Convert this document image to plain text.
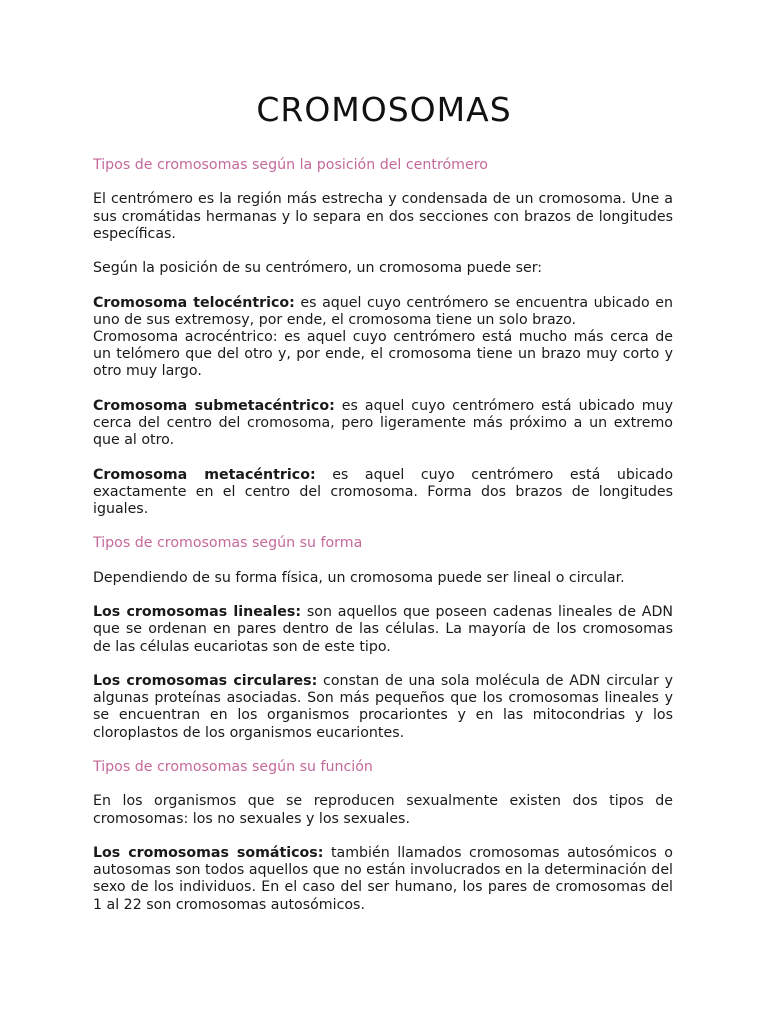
CROMOSOMAS

Tipos de cromosomas según la posición del centrómero

El centrómero es la región más estrecha y condensada de un cromosoma. Une a sus cromátidas hermanas y lo separa en dos secciones con brazos de longitudes específicas.

Según la posición de su centrómero, un cromosoma puede ser:

Cromosoma telocéntrico: es aquel cuyo centrómero se encuentra ubicado en uno de sus extremosy, por ende, el cromosoma tiene un solo brazo.

Cromosoma acrocéntrico: es aquel cuyo centrómero está mucho más cerca de un telómero que del otro y, por ende, el cromosoma tiene un brazo muy corto y otro muy largo.

Cromosoma submetacéntrico: es aquel cuyo centrómero está ubicado muy cerca del centro del cromosoma, pero ligeramente más próximo a un extremo que al otro.

Cromosoma metacéntrico: es aquel cuyo centrómero está ubicado exactamente en el centro del cromosoma. Forma dos brazos de longitudes iguales.

Tipos de cromosomas según su forma

Dependiendo de su forma física, un cromosoma puede ser lineal o circular.

Los cromosomas lineales: son aquellos que poseen cadenas lineales de ADN que se ordenan en pares dentro de las células. La mayoría de los cromosomas de las células eucariotas son de este tipo.

Los cromosomas circulares: constan de una sola molécula de ADN circular y algunas proteínas asociadas. Son más pequeños que los cromosomas lineales y se encuentran en los organismos procariontes y en las mitocondrias y los cloroplastos de los organismos eucariontes.

Tipos de cromosomas según su función

En los organismos que se reproducen sexualmente existen dos tipos de cromosomas: los no sexuales y los sexuales.

Los cromosomas somáticos: también llamados cromosomas autosómicos o autosomas son todos aquellos que no están involucrados en la determinación del sexo de los individuos. En el caso del ser humano, los pares de cromosomas del 1 al 22 son cromosomas autosómicos.
